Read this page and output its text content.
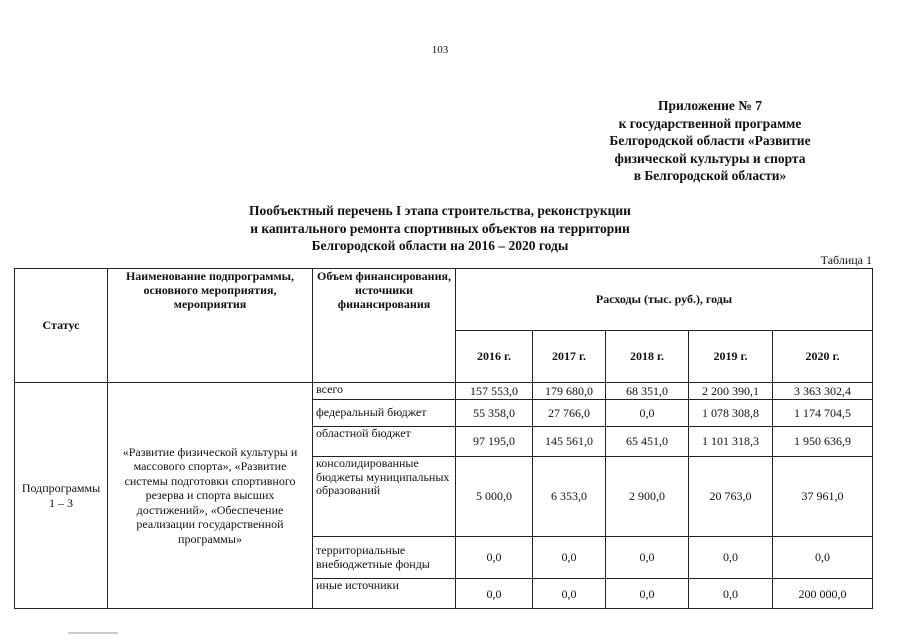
103
Приложение № 7
к государственной программе
Белгородской области «Развитие
физической культуры и спорта
в Белгородской области»
Пообъектный перечень I этапа строительства, реконструкции
и капитального ремонта спортивных объектов на территории
Белгородской области на 2016 – 2020 годы
Таблица 1
Статус	Наименование подпрограммы, основного мероприятия, мероприятия	Объем финансирования, источники финансирования	Расходы (тыс. руб.), годы				
			2016 г.	2017 г.	2018 г.	2019 г.	2020 г.
Подпрограммы 1 – 3	«Развитие физической культуры и массового спорта», «Развитие системы подготовки спортивного резерва и спорта высших достижений», «Обеспечение реализации государственной программы»	всего	157 553,0	179 680,0	68 351,0	2 200 390,1	3 363 302,4
		федеральный бюджет	55 358,0	27 766,0	0,0	1 078 308,8	1 174 704,5
		областной бюджет	97 195,0	145 561,0	65 451,0	1 101 318,3	1 950 636,9
		консолидированные бюджеты муниципальных образований	5 000,0	6 353,0	2 900,0	20 763,0	37 961,0
		территориальные внебюджетные фонды	0,0	0,0	0,0	0,0	0,0
		иные источники	0,0	0,0	0,0	0,0	200 000,0
